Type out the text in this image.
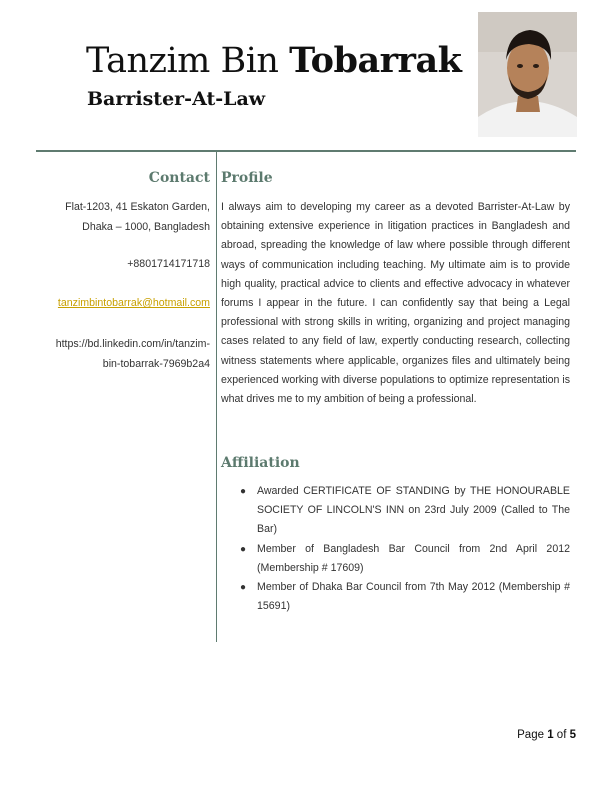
Tanzim Bin Tobarrak
Barrister-At-Law
Contact
Flat-1203, 41 Eskaton Garden,
Dhaka – 1000, Bangladesh
+8801714171718
tanzimbintobarrak@hotmail.com
https://bd.linkedin.com/in/tanzim-
bin-tobarrak-7969b2a4
Profile

I always aim to developing my career as a devoted Barrister-At-Law by obtaining extensive experience in litigation practices in Bangladesh and abroad, spreading the knowledge of law where possible through different ways of communication including teaching. My ultimate aim is to provide high quality, practical advice to clients and effective advocacy in whatever forums I appear in the future. I can confidently say that being a Legal professional with strong skills in writing, organizing and project managing cases related to any field of law, expertly conducting research, collecting witness statements where applicable, organizes files and ultimately being experienced working with diverse populations to optimize representation is what drives me to my ambition of being a professional.

Affiliation
● Awarded CERTIFICATE OF STANDING by THE HONOURABLE SOCIETY OF LINCOLN'S INN on 23rd July 2009 (Called to The Bar)
● Member of Bangladesh Bar Council from 2nd April 2012 (Membership # 17609)
● Member of Dhaka Bar Council from 7th May 2012 (Membership # 15691)
Page 1 of 5
